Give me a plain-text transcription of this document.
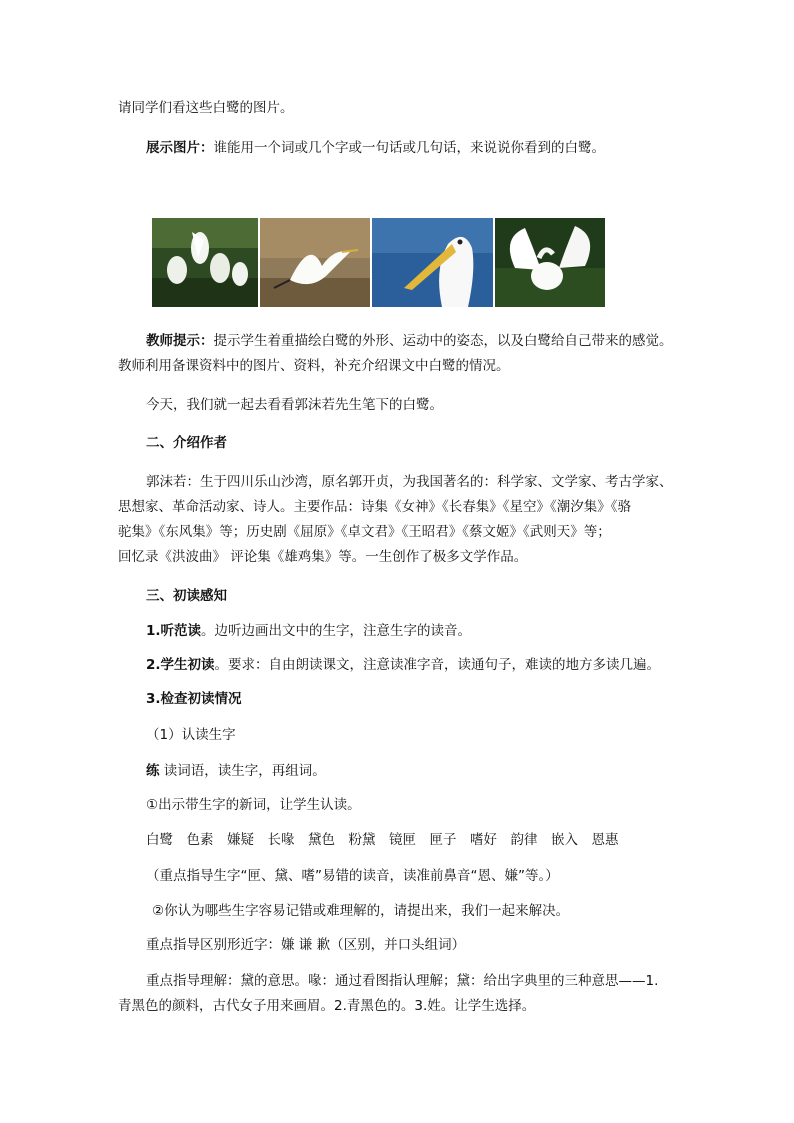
请同学们看这些白鹭的图片。
展示图片：谁能用一个词或几个字或一句话或几句话，来说说你看到的白鹭。
教师提示：提示学生着重描绘白鹭的外形、运动中的姿态，以及白鹭给自己带来的感觉。
教师利用备课资料中的图片、资料，补充介绍课文中白鹭的情况。
今天，我们就一起去看看郭沫若先生笔下的白鹭。
二、介绍作者
郭沫若：生于四川乐山沙湾，原名郭开贞，为我国著名的：科学家、文学家、考古学家、
思想家、革命活动家、诗人。主要作品：诗集《女神》《长春集》《星空》《潮汐集》《骆
驼集》《东风集》等；历史剧《屈原》《卓文君》《王昭君》《蔡文姬》《武则天》等；
回忆录《洪波曲》 评论集《雄鸡集》等。一生创作了极多文学作品。
三、初读感知
1.听范读。边听边画出文中的生字，注意生字的读音。
2.学生初读。要求：自由朗读课文，注意读准字音，读通句子，难读的地方多读几遍。
3.检查初读情况
（1）认读生字
练 读词语，读生字，再组词。
①出示带生字的新词，让学生认读。
白鹭　色素　嫌疑　长喙　黛色　粉黛　镜匣　匣子　嗜好　韵律　嵌入　恩惠
（重点指导生字“匣、黛、嗜”易错的读音，读准前鼻音“恩、嫌”等。）
②你认为哪些生字容易记错或难理解的，请提出来，我们一起来解决。
重点指导区别形近字：嫌 谦 歉（区别，并口头组词）
重点指导理解：黛的意思。喙：通过看图指认理解；黛：给出字典里的三种意思——1.
青黑色的颜料，古代女子用来画眉。2.青黑色的。3.姓。让学生选择。
